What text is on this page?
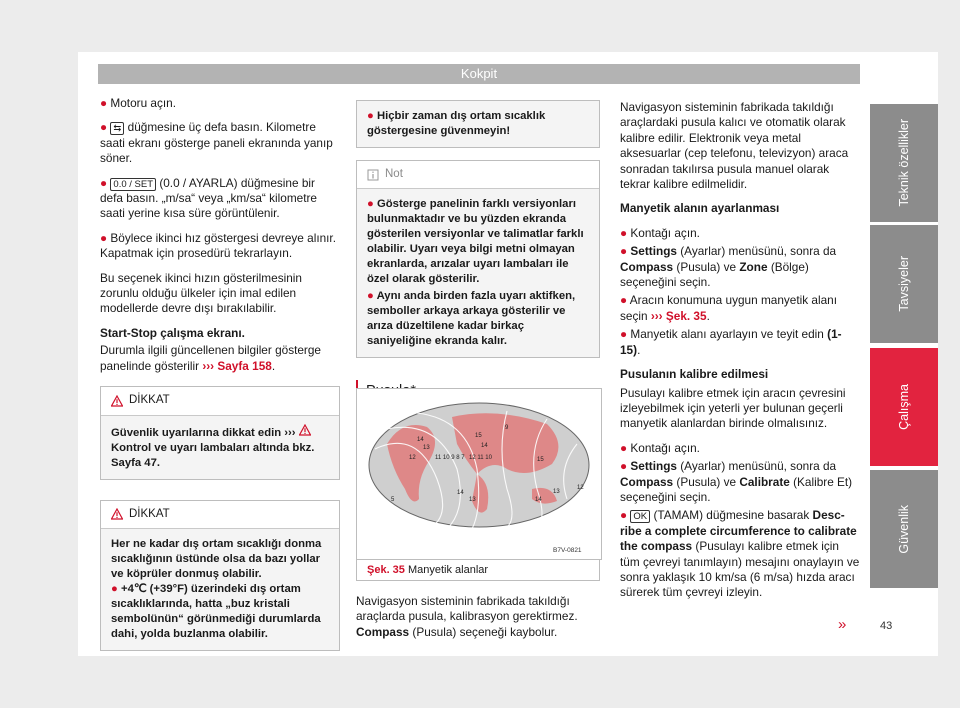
Kokpit

● Motoru açın.

● ⇆ düğmesine üç defa basın. Kilometre saati ekranı gösterge paneli ekranında yanıp söner.

● 0.0 / SET (0.0 / AYARLA) düğmesine bir defa basın. „m/sa“ veya „km/sa“ kilometre saati yerine kısa süre görüntülenir.

● Böylece ikinci hız göstergesi devreye alınır. Kapatmak için prosedürü tekrarlayın.

Bu seçenek ikinci hızın gösterilmesinin zorunlu olduğu ülkeler için imal edilen modellerde devre dışı bırakılabilir.

Start-Stop çalışma ekranı.

Durumla ilgili güncellenen bilgiler gösterge panelinde gösterilir ››› Sayfa 158.

DİKKAT
Güvenlik uyarılarına dikkat edin ›››
Kontrol ve uyarı lambaları altında bkz. Sayfa 47.
DİKKAT
Her ne kadar dış ortam sıcaklığı donma sıcaklığının üstünde olsa da bazı yollar ve köprüler donmuş olabilir.
● +4℃ (+39°F) üzerindeki dış ortam sıcaklıklarında, hatta „buz kristali sembolünün“ görünmediği durumlarda dahi, yolda buzlanma olabilir.
● Hiçbir zaman dış ortam sıcaklık göstergesine güvenmeyin!
Not
● Gösterge panelinin farklı versiyonları bulunmaktadır ve bu yüzden ekranda gösterilen versiyonlar ve talimatlar farklı olabilir. Uyarı veya bilgi metni olmayan ekranlarda, arızalar uyarı lambaları ile özel olarak gösterilir.
● Aynı anda birden fazla uyarı aktifken, semboller arkaya arkaya gösterilir ve arıza düzeltilene kadar birkaç saniyeliğine ekranda kalır.
14
13
12	11 10 9 8 7
15
14
12 11 10	15
9
14
13	14
13
12
5
B7V-0821
Şek. 35 Manyetik alanlar

Navigasyon sisteminin fabrikada takıldığı araçlarda pusula, kalibrasyon gerektirmez. Compass (Pusula) seçeneği kaybolur.

Navigasyon sisteminin fabrikada takıldığı araçlardaki pusula kalıcı ve otomatik olarak kalibre edilir. Elektronik veya metal aksesuarlar (cep telefonu, televizyon) araca sonradan takılırsa pusula manuel olarak tekrar kalibre edilmelidir.

Manyetik alanın ayarlanması

● Kontağı açın.

● Settings (Ayarlar) menüsünü, sonra da Compass (Pusula) ve Zone (Bölge) seçeneğini seçin.

● Aracın konumuna uygun manyetik alanı seçin ››› Şek. 35.

● Manyetik alanı ayarlayın ve teyit edin (1-15).

Pusulanın kalibre edilmesi

Pusulayı kalibre etmek için aracın çevresini izleyebilmek için yeterli yer bulunan geçerli manyetik alanlardan birinde olmalısınız.

● Kontağı açın.

● Settings (Ayarlar) menüsünü, sonra da Compass (Pusula) ve Calibrate (Kalibre Et) seçeneğini seçin.

● OK (TAMAM) düğmesine basarak Desc-ribe a complete circumference to calibrate the compass (Pusulayı kalibre etmek için tüm çevreyi tanımlayın) mesajını onaylayın ve sonra yaklaşık 10 km/sa (6 m/sa) hızda aracı sürerek tüm çevreyi izleyin.

»
Teknik özellikler
Tavsiyeler
Çalışma
Güvenlik
43
